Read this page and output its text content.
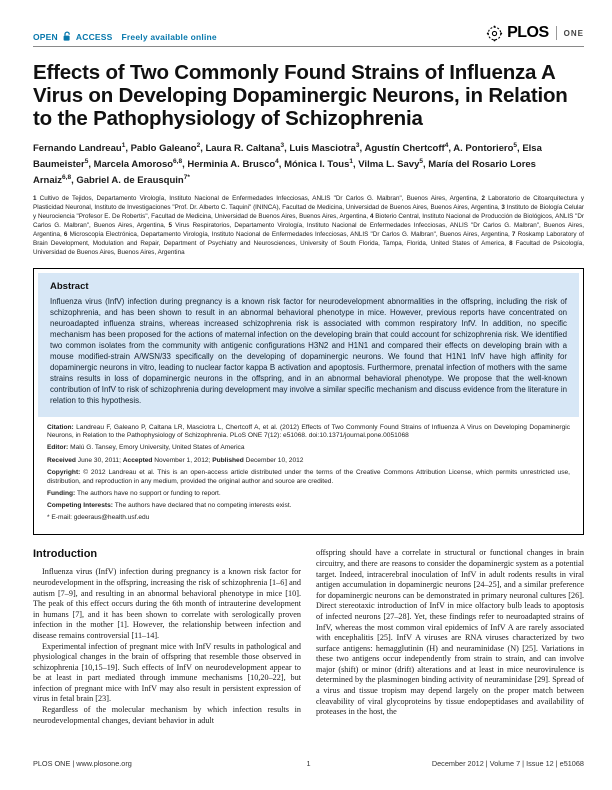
OPEN ACCESS Freely available online	PLOS ONE
Effects of Two Commonly Found Strains of Influenza A Virus on Developing Dopaminergic Neurons, in Relation to the Pathophysiology of Schizophrenia

Fernando Landreau$^1$, Pablo Galeano$^2$, Laura R. Caltana$^3$, Luis Masciotra$^3$, Agustín Chertcoff$^4$, A. Pontoriero$^5$, Elsa Baumeister$^5$, Marcela Amoroso$^{6,8}$, Herminia A. Brusco$^4$, Mónica I. Tous$^1$, Vilma L. Savy$^5$, María del Rosario Lores Arnaiz$^{6,8}$, Gabriel A. de Erausquin$^{7*}$

1 Cultivo de Tejidos, Departamento Virología, Instituto Nacional de Enfermedades Infecciosas, ANLIS "Dr Carlos G. Malbran", Buenos Aires, Argentina, 2 Laboratorio de Citoarquitectura y Plasticidad Neuronal, Instituto de Investigaciones "Prof. Dr. Alberto C. Taquini" (ININCA), Facultad de Medicina, Universidad de Buenos Aires, Buenos Aires, Argentina, 3 Instituto de Biología Celular y Neurociencia "Profesor E. De Robertis", Facultad de Medicina, Universidad de Buenos Aires, Buenos Aires, Argentina, 4 Bioterio Central, Instituto Nacional de Producción de Biológicos, ANLIS "Dr Carlos G. Malbran", Buenos Aires, Argentina, 5 Virus Respiratorios, Departamento Virología, Instituto Nacional de Enfermedades Infecciosas, ANLIS "Dr Carlos G. Malbran", Buenos Aires, Argentina, 6 Microscopía Electrónica, Departamento Virología, Instituto Nacional de Enfermedades Infecciosas, ANLIS "Dr Carlos G. Malbran", Buenos Aires, Argentina, 7 Roskamp Laboratory of Brain Development, Modulation and Repair, Department of Psychiatry and Neurosciences, University of South Florida, Tampa, Florida, United States of America, 8 Facultad de Psicología, Universidad de Buenos Aires, Buenos Aires, Argentina

Abstract

Influenza virus (InfV) infection during pregnancy is a known risk factor for neurodevelopment abnormalities in the offspring, including the risk of schizophrenia, and has been shown to result in an abnormal behavioral phenotype in mice. However, previous reports have concentrated on neuroadapted influenza strains, whereas increased schizophrenia risk is associated with common respiratory InfV. In addition, no specific mechanism has been proposed for the actions of maternal infection on the developing brain that could account for schizophrenia risk. We identified two common isolates from the community with antigenic configurations H3N2 and H1N1 and compared their effects on developing brain with a mouse modified-strain A/WSN/33 specifically on the developing of dopaminergic neurons. We found that H1N1 InfV have high affinity for dopaminergic neurons in vitro, leading to nuclear factor kappa B activation and apoptosis. Furthermore, prenatal infection of mothers with the same strains results in loss of dopaminergic neurons in the offspring, and in an abnormal behavioral phenotype. We propose that the well-known contribution of InfV to risk of schizophrenia during development may involve a similar specific mechanism and discuss evidence from the literature in relation to this hypothesis.

Citation: Landreau F, Galeano P, Caltana LR, Masciotra L, Chertcoff A, et al. (2012) Effects of Two Commonly Found Strains of Influenza A Virus on Developing Dopaminergic Neurons, in Relation to the Pathophysiology of Schizophrenia. PLoS ONE 7(12): e51068. doi:10.1371/journal.pone.0051068
Editor: Malú G. Tansey, Emory University, United States of America
Received June 30, 2011; Accepted November 1, 2012; Published December 10, 2012
Copyright: © 2012 Landreau et al. This is an open-access article distributed under the terms of the Creative Commons Attribution License, which permits unrestricted use, distribution, and reproduction in any medium, provided the original author and source are credited.
Funding: The authors have no support or funding to report.
Competing Interests: The authors have declared that no competing interests exist.
* E-mail: gdeeraus@health.usf.edu
Introduction

Influenza virus (InfV) infection during pregnancy is a known risk factor for neurodevelopment in the offspring, increasing the risk of schizophrenia [1–6] and autism [7–9], and resulting in an abnormal behavioral phenotype in mice [10]. The peak of this effect occurs during the 6th month of intrauterine development in humans [7], and it has been shown to correlate with serologically proven infection in the mother [1]. However, the relationship between infection and disease remains controversial [11–14].

Experimental infection of pregnant mice with InfV results in pathological and physiological changes in the brain of offspring that resemble those observed in schizophrenia [10,15–19]. Such effects of InfV on neurodevelopment appear to be at least in part mediated through immune mechanisms [10,20–22], but infection of pregnant mice with InfV may also result in persistent expression of virus in fetal brain [23].

Regardless of the molecular mechanism by which infection results in neurodevelopmental changes, deviant behavior in adult

offspring should have a correlate in structural or functional changes in brain circuitry, and there are reasons to consider the dopaminergic system as a potential target. Indeed, intracerebral inoculation of InfV in adult rodents results in viral antigen accumulation in dopaminergic neurons [24–25], and a similar preference for dopaminergic neurons can be demonstrated in primary neuronal cultures [26]. Direct stereotaxic introduction of InfV in mice olfactory bulb leads to apoptosis of infected neurons [27–28]. Yet, these findings refer to neuroadapted strains of InfV, whereas the most common viral epidemics of InfV A are rarely associated with encephalitis [25]. InfV A viruses are RNA viruses characterized by two surface antigens: hemagglutinin (H) and neuraminidase (N) [25]. Variations in these two antigens occur independently from strain to strain, and can involve major (shift) or minor (drift) alterations and at least in mice neurovirulence is determined by the plasminogen binding activity of neuraminidase [29]. Spread of a virus and tissue tropism may depend largely on the proper match between cleavability of viral glycoproteins by tissue endopeptidases and availability of proteases in the host, the

PLOS ONE | www.plosone.org	1	December 2012 | Volume 7 | Issue 12 | e51068
